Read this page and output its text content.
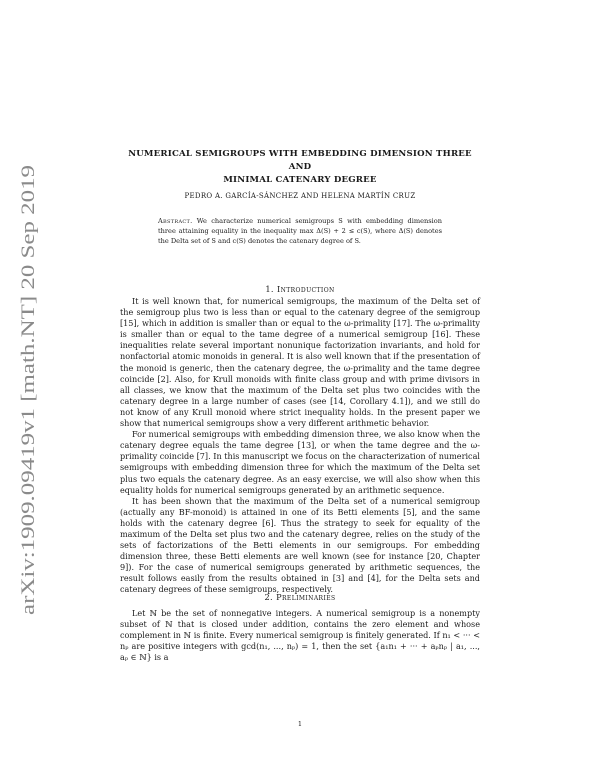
arXiv:1909.09419v1 [math.NT] 20 Sep 2019
NUMERICAL SEMIGROUPS WITH EMBEDDING DIMENSION THREE AND
MINIMAL CATENARY DEGREE
PEDRO A. GARCÍA-SÁNCHEZ AND HELENA MARTÍN CRUZ
Abstract. We characterize numerical semigroups S with embedding dimension three attaining equality in the inequality max Δ(S) + 2 ≤ c(S), where Δ(S) denotes the Delta set of S and c(S) denotes the catenary degree of S.
1. Introduction

It is well known that, for numerical semigroups, the maximum of the Delta set of the semigroup plus two is less than or equal to the catenary degree of the semigroup [15], which in addition is smaller than or equal to the ω-primality [17]. The ω-primality is smaller than or equal to the tame degree of a numerical semigroup [16]. These inequalities relate several important nonunique factorization invariants, and hold for nonfactorial atomic monoids in general. It is also well known that if the presentation of the monoid is generic, then the catenary degree, the ω-primality and the tame degree coincide [2]. Also, for Krull monoids with finite class group and with prime divisors in all classes, we know that the maximum of the Delta set plus two coincides with the catenary degree in a large number of cases (see [14, Corollary 4.1]), and we still do not know of any Krull monoid where strict inequality holds. In the present paper we show that numerical semigroups show a very different arithmetic behavior.

For numerical semigroups with embedding dimension three, we also know when the catenary degree equals the tame degree [13], or when the tame degree and the ω-primality coincide [7]. In this manuscript we focus on the characterization of numerical semigroups with embedding dimension three for which the maximum of the Delta set plus two equals the catenary degree. As an easy exercise, we will also show when this equality holds for numerical semigroups generated by an arithmetic sequence.

It has been shown that the maximum of the Delta set of a numerical semigroup (actually any BF-monoid) is attained in one of its Betti elements [5], and the same holds with the catenary degree [6]. Thus the strategy to seek for equality of the maximum of the Delta set plus two and the catenary degree, relies on the study of the sets of factorizations of the Betti elements in our semigroups. For embedding dimension three, these Betti elements are well known (see for instance [20, Chapter 9]). For the case of numerical semigroups generated by arithmetic sequences, the result follows easily from the results obtained in [3] and [4], for the Delta sets and catenary degrees of these semigroups, respectively.

2. Preliminaries

Let ℕ be the set of nonnegative integers. A numerical semigroup is a nonempty subset of ℕ that is closed under addition, contains the zero element and whose complement in ℕ is finite. Every numerical semigroup is finitely generated. If n₁ < ··· < nₚ are positive integers with gcd(n₁, ..., nₚ) = 1, then the set {a₁n₁ + ··· + aₚnₚ | a₁, ..., aₚ ∈ ℕ} is a

1
